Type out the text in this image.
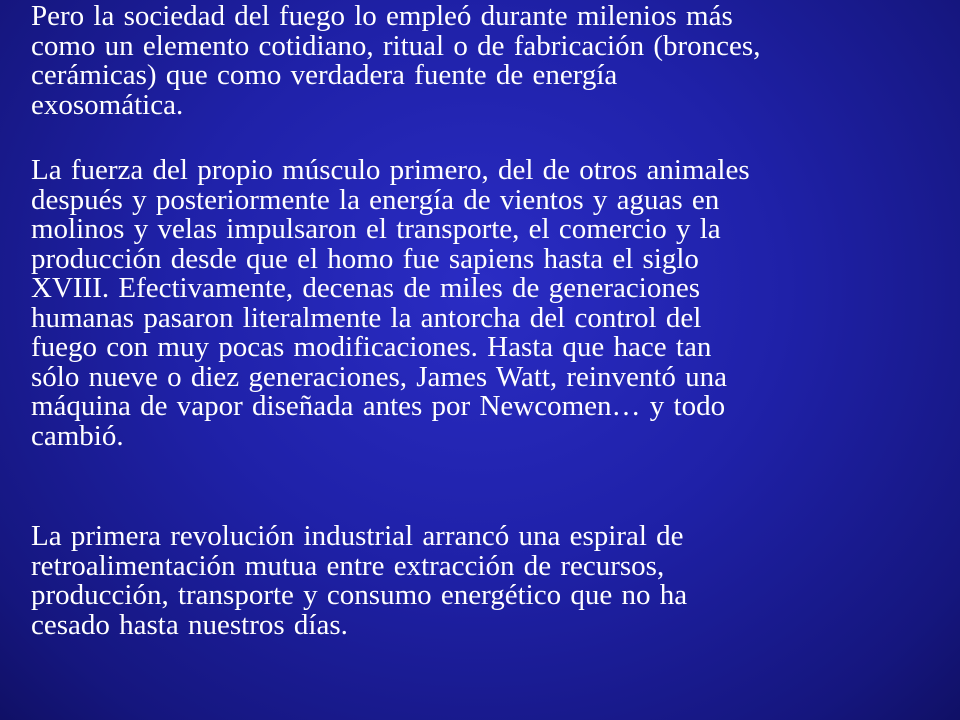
Pero la sociedad del fuego lo empleó durante milenios más
como un elemento cotidiano, ritual o de fabricación (bronces,
cerámicas) que como verdadera fuente de energía
exosomática.
La fuerza del propio músculo primero, del de otros animales
después y posteriormente la energía de vientos y aguas en
molinos y velas impulsaron el transporte, el comercio y la
producción desde que el homo fue sapiens hasta el siglo
XVIII. Efectivamente, decenas de miles de generaciones
humanas pasaron literalmente la antorcha del control del
fuego con muy pocas modificaciones. Hasta que hace tan
sólo nueve o diez generaciones, James Watt, reinventó una
máquina de vapor diseñada antes por Newcomen… y todo
cambió.
La primera revolución industrial arrancó una espiral de
retroalimentación mutua entre extracción de recursos,
producción, transporte y consumo energético que no ha
cesado hasta nuestros días.
